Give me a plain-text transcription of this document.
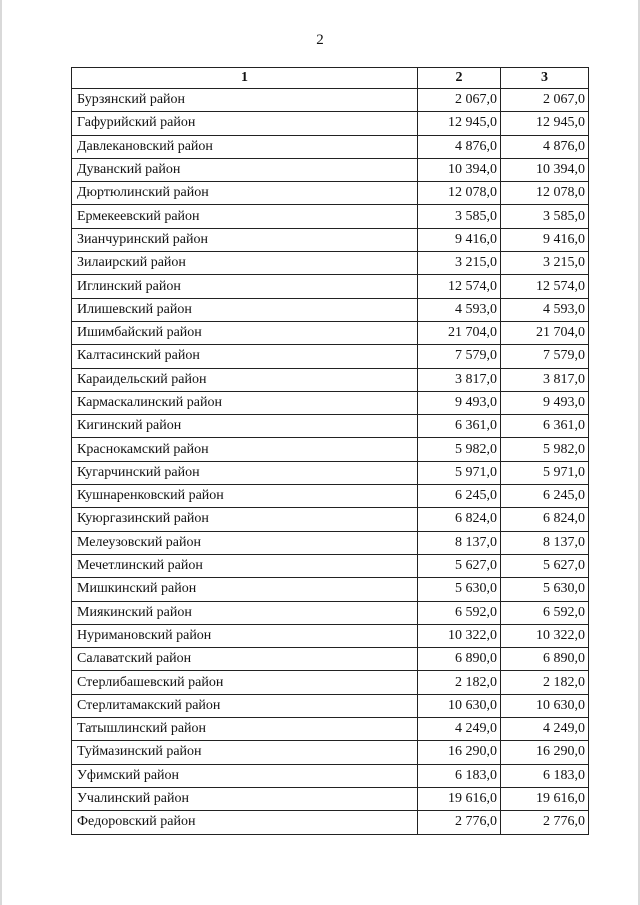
2
1	2	3
Бурзянский район	2 067,0	2 067,0
Гафурийский район	12 945,0	12 945,0
Давлекановский район	4 876,0	4 876,0
Дуванский район	10 394,0	10 394,0
Дюртюлинский район	12 078,0	12 078,0
Ермекеевский район	3 585,0	3 585,0
Зианчуринский район	9 416,0	9 416,0
Зилаирский район	3 215,0	3 215,0
Иглинский район	12 574,0	12 574,0
Илишевский район	4 593,0	4 593,0
Ишимбайский район	21 704,0	21 704,0
Калтасинский район	7 579,0	7 579,0
Караидельский район	3 817,0	3 817,0
Кармаскалинский район	9 493,0	9 493,0
Кигинский район	6 361,0	6 361,0
Краснокамский район	5 982,0	5 982,0
Кугарчинский район	5 971,0	5 971,0
Кушнаренковский район	6 245,0	6 245,0
Куюргазинский район	6 824,0	6 824,0
Мелеузовский район	8 137,0	8 137,0
Мечетлинский район	5 627,0	5 627,0
Мишкинский район	5 630,0	5 630,0
Миякинский район	6 592,0	6 592,0
Нуримановский район	10 322,0	10 322,0
Салаватский район	6 890,0	6 890,0
Стерлибашевский район	2 182,0	2 182,0
Стерлитамакский район	10 630,0	10 630,0
Татышлинский район	4 249,0	4 249,0
Туймазинский район	16 290,0	16 290,0
Уфимский район	6 183,0	6 183,0
Учалинский район	19 616,0	19 616,0
Федоровский район	2 776,0	2 776,0
